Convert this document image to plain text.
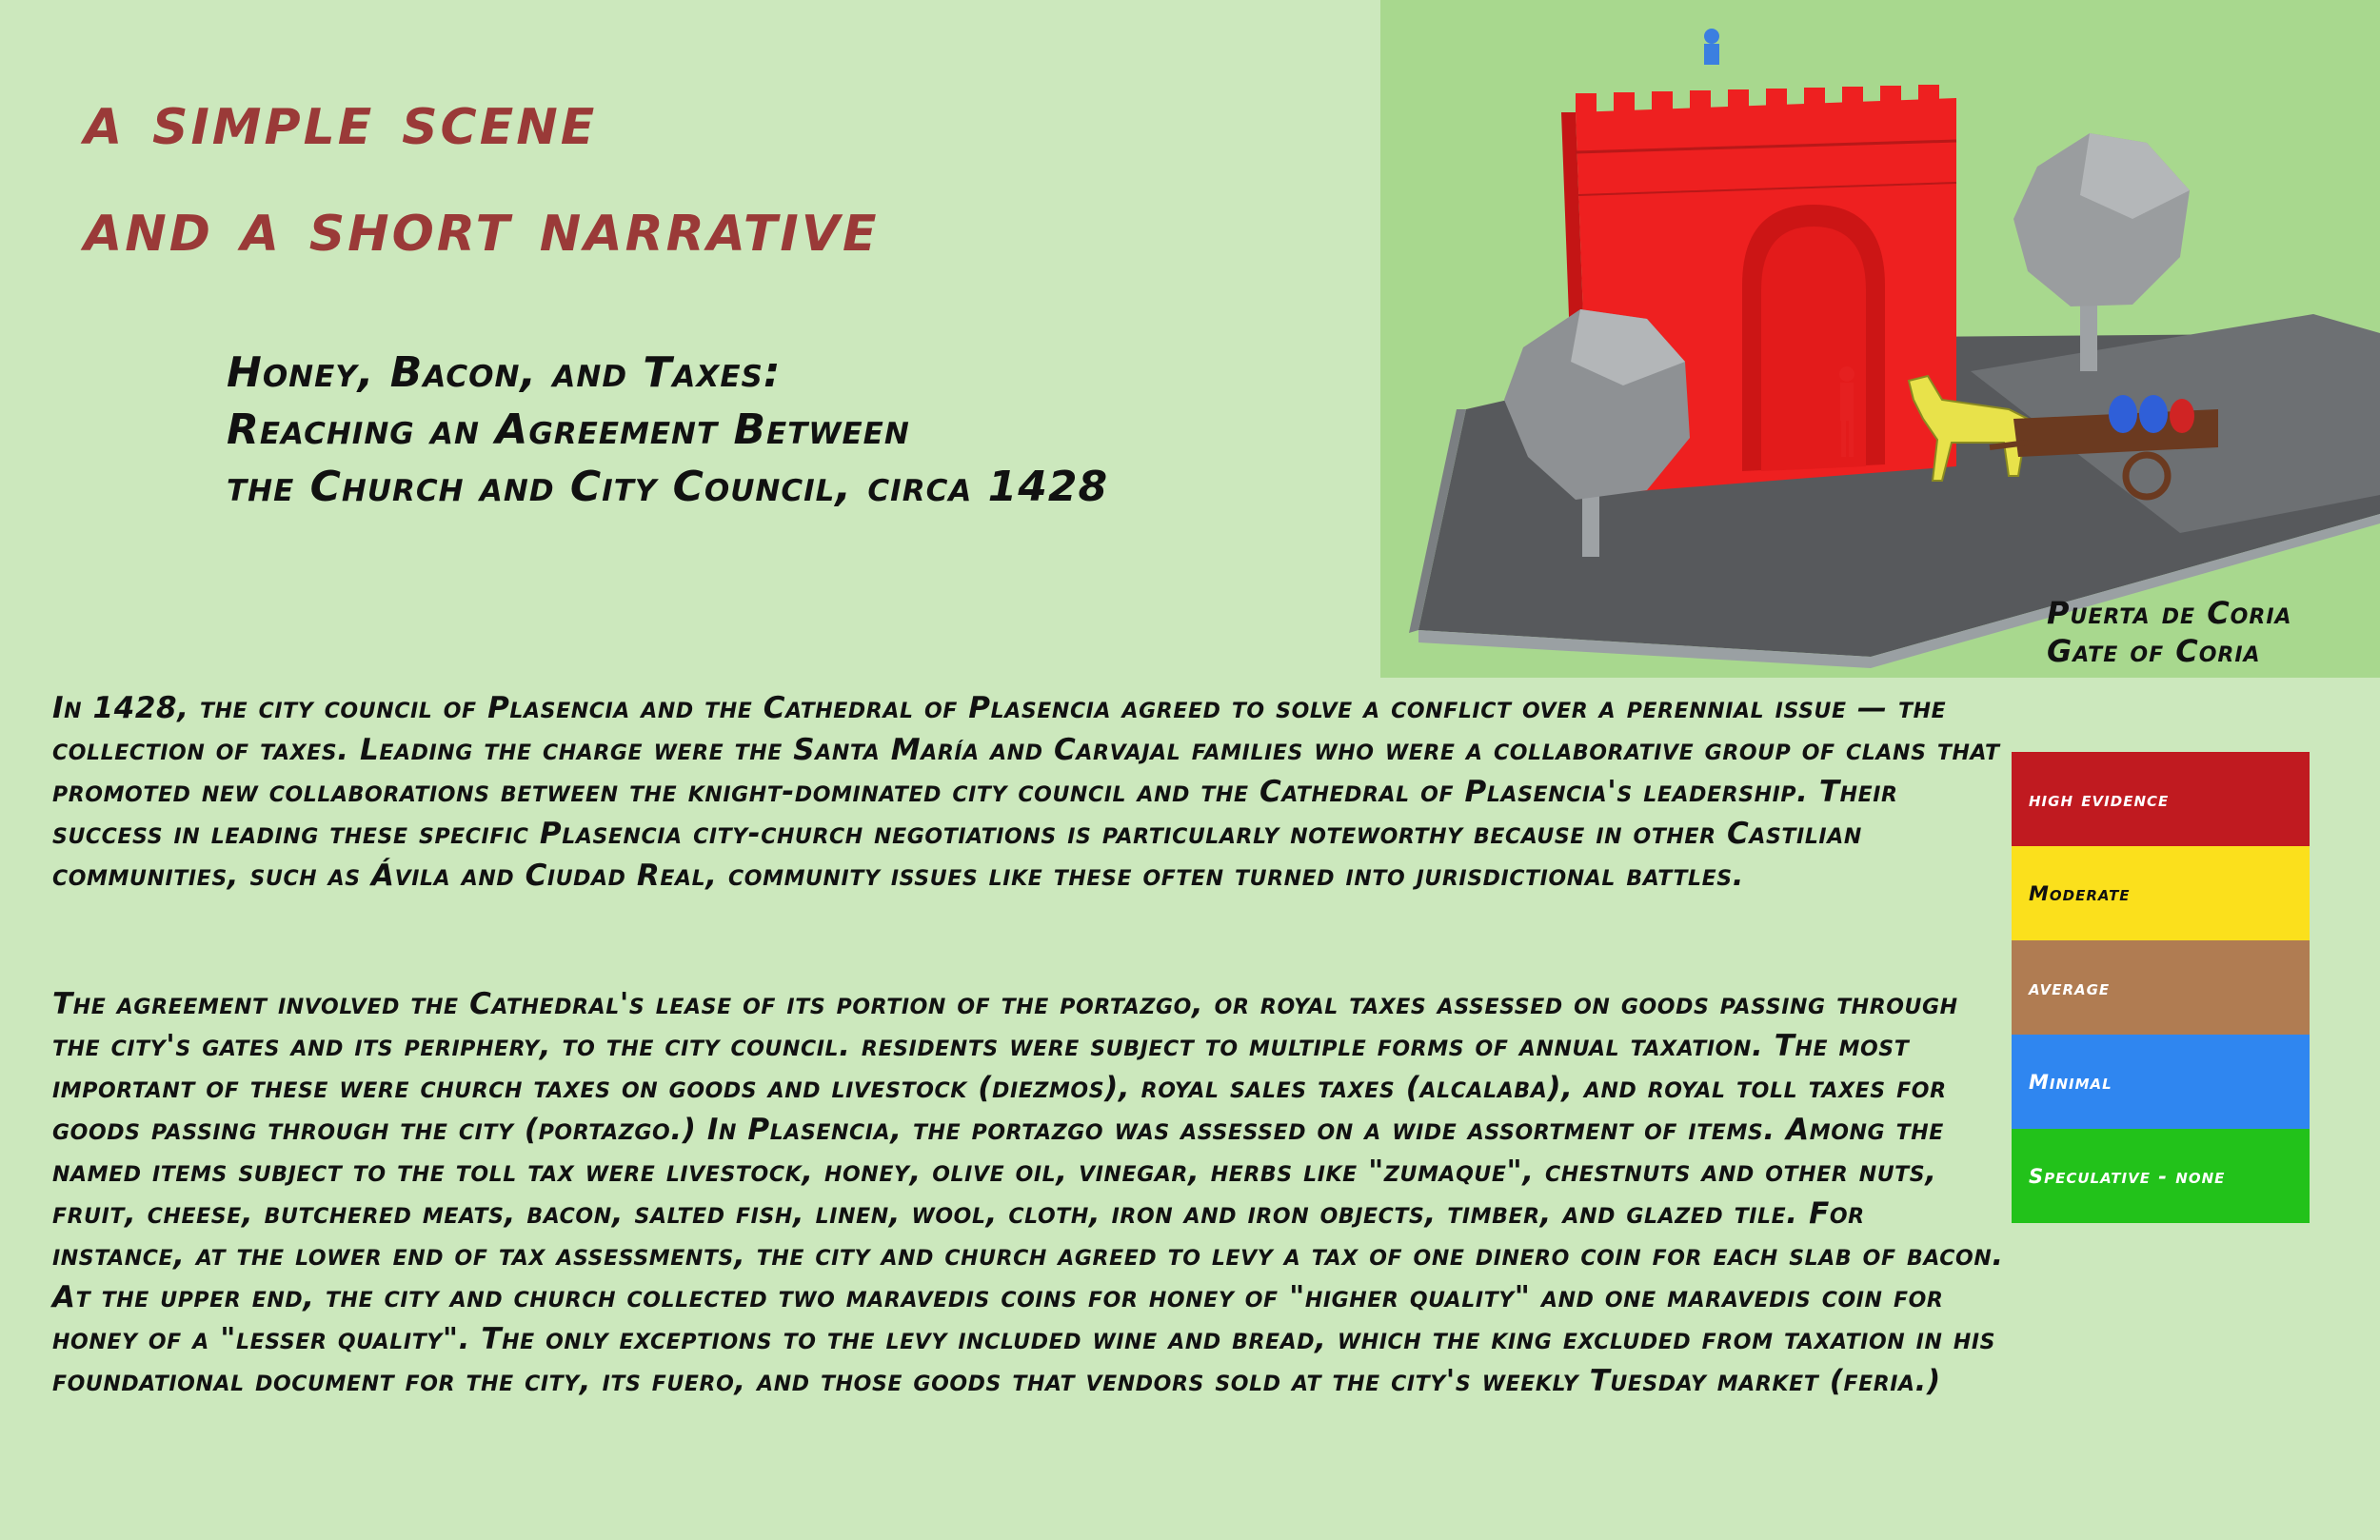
a simple scene
and a short narrative
Honey, Bacon, and Taxes:
Reaching an Agreement Between
the Church and City Council, circa 1428
Puerta de Coria
Gate of Coria

In 1428, the city council of Plasencia and the Cathedral of Plasencia agreed to solve a conflict over a perennial issue — the collection of taxes. Leading the charge were the Santa María and Carvajal families who were a collaborative group of clans that promoted new collaborations between the knight-dominated city council and the Cathedral of Plasencia's leadership. Their success in leading these specific Plasencia city-church negotiations is particularly noteworthy because in other Castilian communities, such as Ávila and Ciudad Real, community issues like these often turned into jurisdictional battles.

The agreement involved the Cathedral's lease of its portion of the portazgo, or royal taxes assessed on goods passing through the city's gates and its periphery, to the city council. residents were subject to multiple forms of annual taxation. The most important of these were church taxes on goods and livestock (diezmos), royal sales taxes (alcalaba), and royal toll taxes for goods passing through the city (portazgo.) In Plasencia, the portazgo was assessed on a wide assortment of items. Among the named items subject to the toll tax were livestock, honey, olive oil, vinegar, herbs like "zumaque", chestnuts and other nuts, fruit, cheese, butchered meats, bacon, salted fish, linen, wool, cloth, iron and iron objects, timber, and glazed tile. For instance, at the lower end of tax assessments, the city and church agreed to levy a tax of one dinero coin for each slab of bacon. At the upper end, the city and church collected two maravedis coins for honey of "higher quality" and one maravedis coin for honey of a "lesser quality". The only exceptions to the levy included wine and bread, which the king excluded from taxation in his foundational document for the city, its fuero, and those goods that vendors sold at the city's weekly Tuesday market (feria.)

high evidence
Moderate
average
Minimal
Speculative - none
